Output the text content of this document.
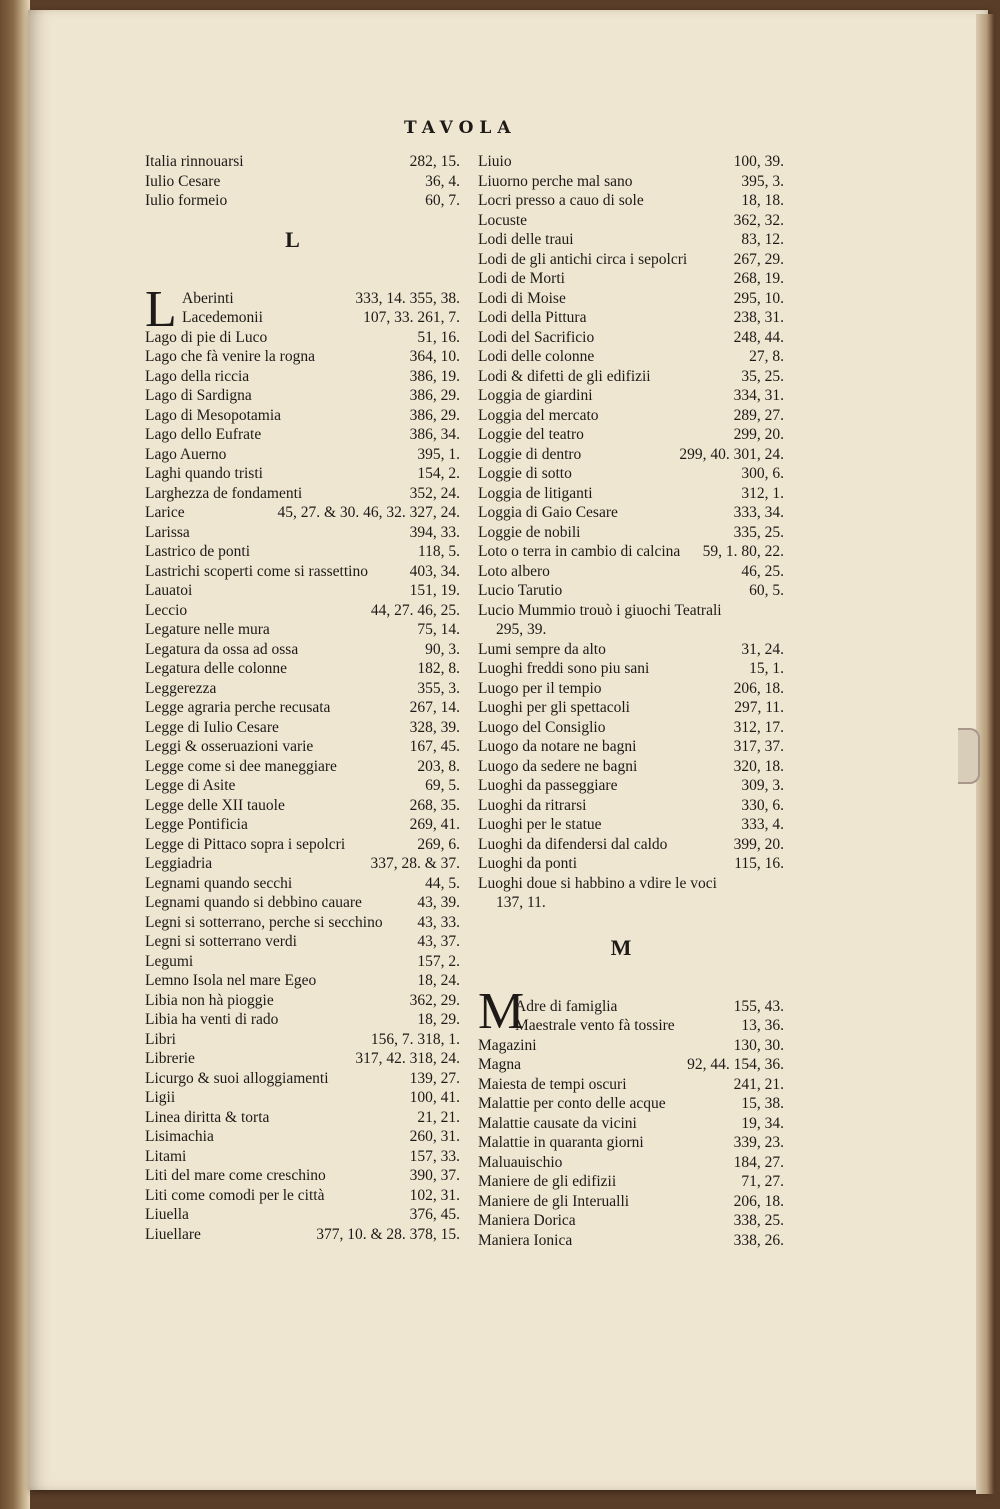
TAVOLA
L
M
Italia rinnouarsi	282, 15.
Iulio Cesare	36, 4.
Iulio formeio	60, 7.
L
Aberinti	333, 14. 355, 38.
Lacedemonii	107, 33. 261, 7.
Lago di pie di Luco	51, 16.
Lago che fà venire la rogna	364, 10.
Lago della riccia	386, 19.
Lago di Sardigna	386, 29.
Lago di Mesopotamia	386, 29.
Lago dello Eufrate	386, 34.
Lago Auerno	395, 1.
Laghi quando tristi	154, 2.
Larghezza de fondamenti	352, 24.
Larice	45, 27. & 30. 46, 32. 327, 24.
Larissa	394, 33.
Lastrico de ponti	118, 5.
Lastrichi scoperti come si rassettino	403, 34.
Lauatoi	151, 19.
Leccio	44, 27. 46, 25.
Legature nelle mura	75, 14.
Legatura da ossa ad ossa	90, 3.
Legatura delle colonne	182, 8.
Leggerezza	355, 3.
Legge agraria perche recusata	267, 14.
Legge di Iulio Cesare	328, 39.
Leggi & osseruazioni varie	167, 45.
Legge come si dee maneggiare	203, 8.
Legge di Asite	69, 5.
Legge delle XII tauole	268, 35.
Legge Pontificia	269, 41.
Legge di Pittaco sopra i sepolcri	269, 6.
Leggiadria	337, 28. & 37.
Legnami quando secchi	44, 5.
Legnami quando si debbino cauare	43, 39.
Legni si sotterrano, perche si secchino 43, 33.
Legni si sotterrano verdi	43, 37.
Legumi	157, 2.
Lemno Isola nel mare Egeo	18, 24.
Libia non hà pioggie	362, 29.
Libia ha venti di rado	18, 29.
Libri	156, 7. 318, 1.
Librerie	317, 42. 318, 24.
Licurgo & suoi alloggiamenti	139, 27.
Ligii	100, 41.
Linea diritta & torta	21, 21.
Lisimachia	260, 31.
Litami	157, 33.
Liti del mare come creschino	390, 37.
Liti come comodi per le città	102, 31.
Liuella	376, 45.
Liuellare	377, 10. & 28. 378, 15.
Liuio	100, 39.
Liuorno perche mal sano	395, 3.
Locri presso a cauo di sole	18, 18.
Locuste	362, 32.
Lodi delle traui	83, 12.
Lodi de gli antichi circa i sepolcri	267, 29.
Lodi de Morti	268, 19.
Lodi di Moise	295, 10.
Lodi della Pittura	238, 31.
Lodi del Sacrificio	248, 44.
Lodi delle colonne	27, 8.
Lodi & difetti de gli edifizii	35, 25.
Loggia de giardini	334, 31.
Loggia del mercato	289, 27.
Loggie del teatro	299, 20.
Loggie di dentro	299, 40. 301, 24.
Loggie di sotto	300, 6.
Loggia de litiganti	312, 1.
Loggia di Gaio Cesare	333, 34.
Loggie de nobili	335, 25.
Loto o terra in cambio di calcina 59, 1. 80, 22.
Loto albero	46, 25.
Lucio Tarutio	60, 5.
Lucio Mummio trouò i giuochi Teatrali
295, 39.
Lumi sempre da alto	31, 24.
Luoghi freddi sono piu sani	15, 1.
Luogo per il tempio	206, 18.
Luoghi per gli spettacoli	297, 11.
Luogo del Consiglio	312, 17.
Luogo da notare ne bagni	317, 37.
Luogo da sedere ne bagni	320, 18.
Luoghi da passeggiare	309, 3.
Luoghi da ritrarsi	330, 6.
Luoghi per le statue	333, 4.
Luoghi da difendersi dal caldo	399, 20.
Luoghi da ponti	115, 16.
Luoghi doue si habbino a vdire le voci
137, 11.
M
Adre di famiglia	155, 43.
Maestrale vento fà tossire	13, 36.
Magazini	130, 30.
Magna	92, 44. 154, 36.
Maiesta de tempi oscuri	241, 21.
Malattie per conto delle acque	15, 38.
Malattie causate da vicini	19, 34.
Malattie in quaranta giorni	339, 23.
Maluauischio	184, 27.
Maniere de gli edifizii	71, 27.
Maniere de gli Interualli	206, 18.
Maniera Dorica	338, 25.
Maniera Ionica	338, 26.
